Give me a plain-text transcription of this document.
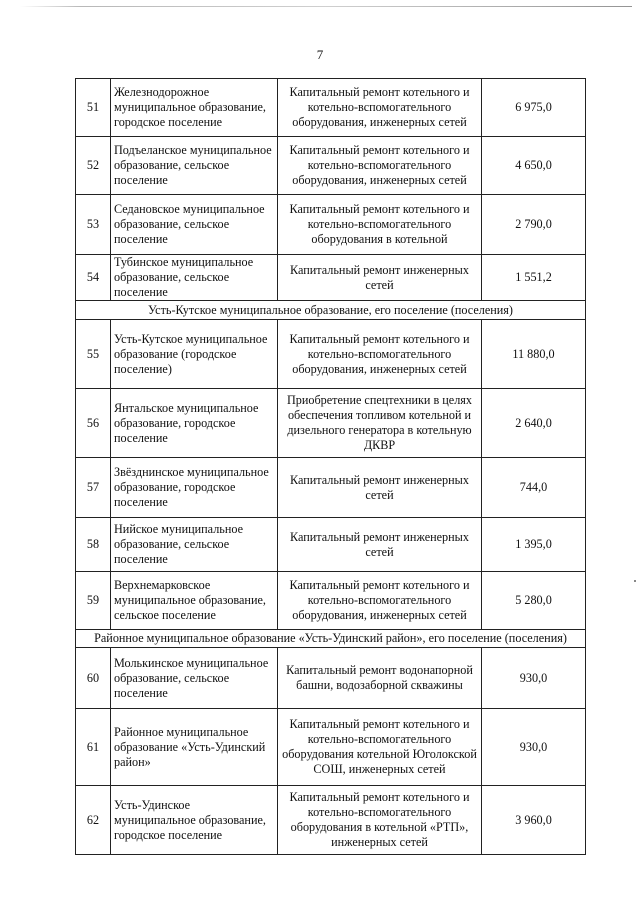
7
51	Железнодорожное муниципальное образование, городское поселение	Капитальный ремонт котельного и котельно-вспомогательного оборудования, инженерных сетей	6 975,0
52	Подъеланское муниципальное образование, сельское поселение	Капитальный ремонт котельного и котельно-вспомогательного оборудования, инженерных сетей	4 650,0
53	Седановское муниципальное образование, сельское поселение	Капитальный ремонт котельного и котельно-вспомогательного оборудования в котельной	2 790,0
54	Тубинское муниципальное образование, сельское поселение	Капитальный ремонт инженерных сетей	1 551,2
Усть-Кутское муниципальное образование, его поселение (поселения)			
55	Усть-Кутское муниципальное образование (городское поселение)	Капитальный ремонт котельного и котельно-вспомогательного оборудования, инженерных сетей	11 880,0
56	Янтальское муниципальное образование, городское поселение	Приобретение спецтехники в целях обеспечения топливом котельной и дизельного генератора в котельную ДКВР	2 640,0
57	Звёзднинское муниципальное образование, городское поселение	Капитальный ремонт инженерных сетей	744,0
58	Нийское муниципальное образование, сельское поселение	Капитальный ремонт инженерных сетей	1 395,0
59	Верхнемарковское муниципальное образование, сельское поселение	Капитальный ремонт котельного и котельно-вспомогательного оборудования, инженерных сетей	5 280,0
Районное муниципальное образование «Усть-Удинский район», его поселение (поселения)			
60	Молькинское муниципальное образование, сельское поселение	Капитальный ремонт водонапорной башни, водозаборной скважины	930,0
61	Районное муниципальное образование «Усть-Удинский район»	Капитальный ремонт котельного и котельно-вспомогательного оборудования котельной Юголокской СОШ, инженерных сетей	930,0
62	Усть-Удинское муниципальное образование, городское поселение	Капитальный ремонт котельного и котельно-вспомогательного оборудования в котельной «РТП», инженерных сетей	3 960,0
